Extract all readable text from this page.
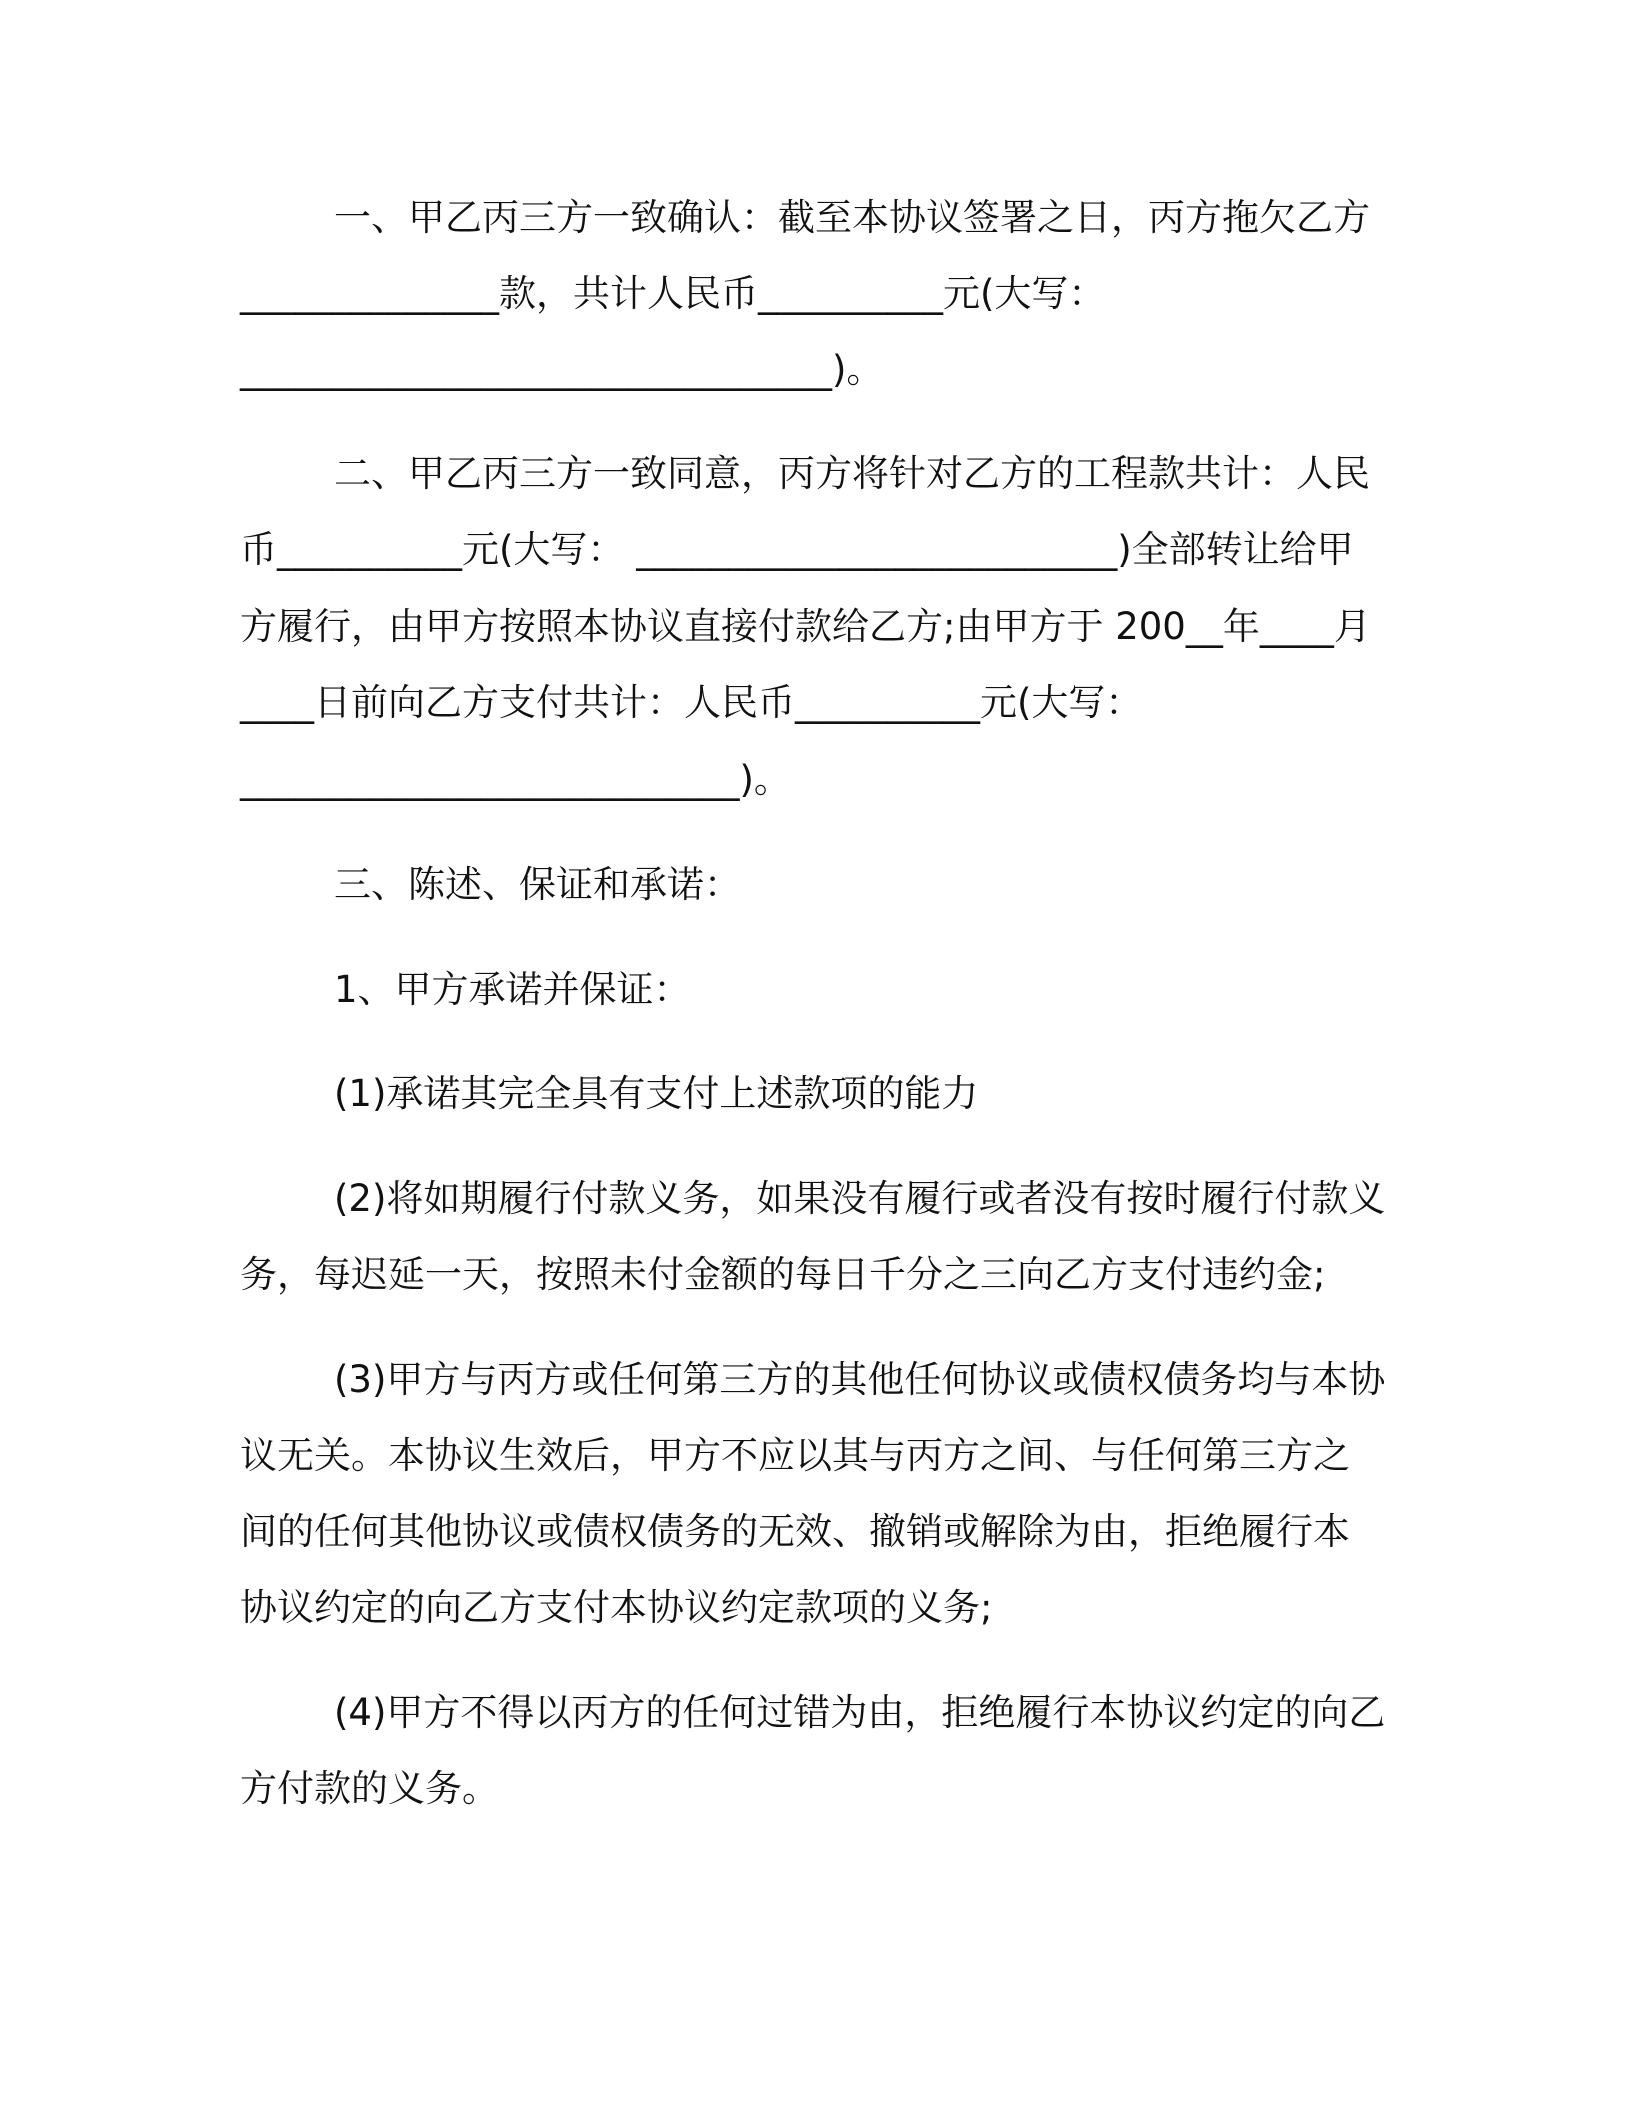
一、甲乙丙三方一致确认：截至本协议签署之日，丙方拖欠乙方
______________款，共计人民币__________元(大写：
________________________________)。
二、甲乙丙三方一致同意，丙方将针对乙方的工程款共计：人民
币__________元(大写： __________________________)全部转让给甲
方履行，由甲方按照本协议直接付款给乙方;由甲方于 200__年____月
____日前向乙方支付共计：人民币__________元(大写：
___________________________)。
三、陈述、保证和承诺：
1、甲方承诺并保证：
(1)承诺其完全具有支付上述款项的能力
(2)将如期履行付款义务，如果没有履行或者没有按时履行付款义
务，每迟延一天，按照未付金额的每日千分之三向乙方支付违约金;
(3)甲方与丙方或任何第三方的其他任何协议或债权债务均与本协
议无关。本协议生效后，甲方不应以其与丙方之间、与任何第三方之
间的任何其他协议或债权债务的无效、撤销或解除为由，拒绝履行本
协议约定的向乙方支付本协议约定款项的义务;
(4)甲方不得以丙方的任何过错为由，拒绝履行本协议约定的向乙
方付款的义务。
